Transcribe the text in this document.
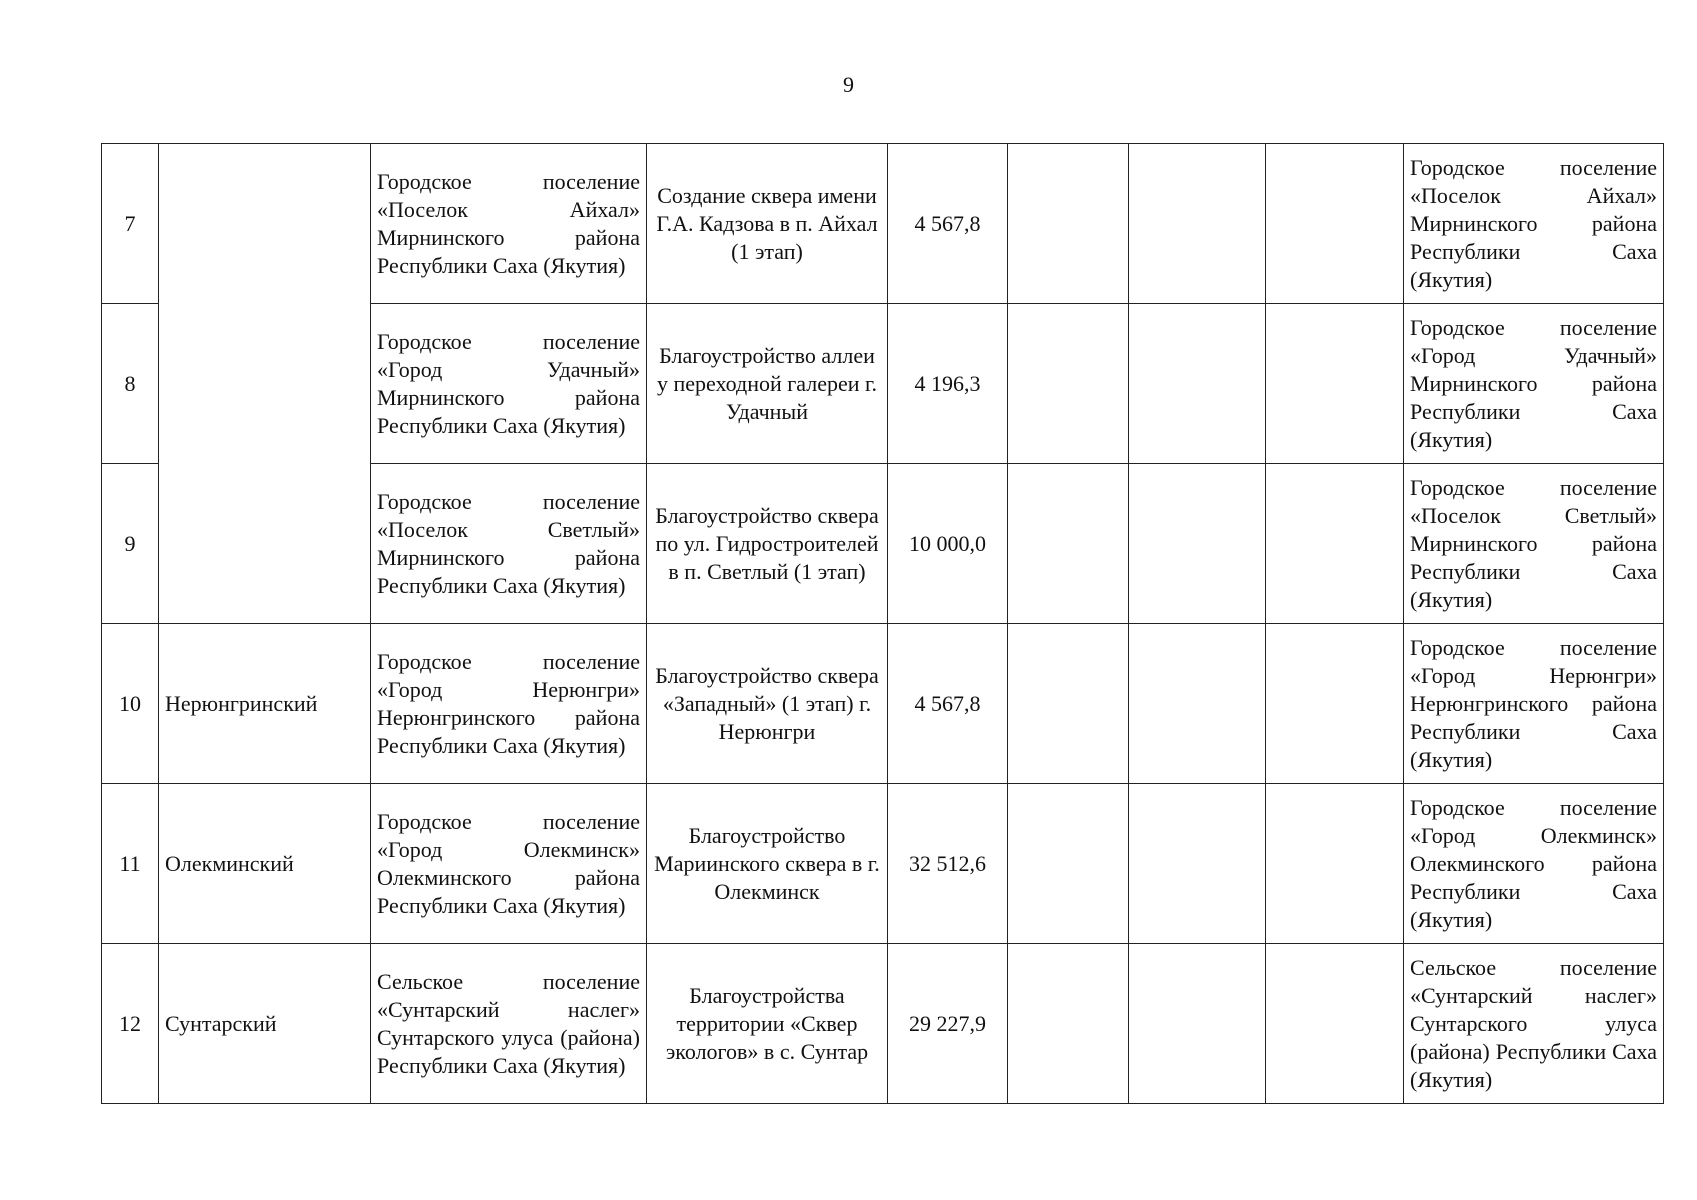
9
7		Городское поселение «Поселок Айхал» Мирнинского района Республики Саха (Якутия)	Создание сквера имени Г.А. Кадзова в п. Айхал (1 этап)	4 567,8				Городское поселение «Поселок Айхал» Мирнинского района Республики Саха (Якутия)
8		Городское поселение «Город Удачный» Мирнинского района Республики Саха (Якутия)	Благоустройство аллеи у переходной галереи г. Удачный	4 196,3				Городское поселение «Город Удачный» Мирнинского района Республики Саха (Якутия)
9		Городское поселение «Поселок Светлый» Мирнинского района Республики Саха (Якутия)	Благоустройство сквера по ул. Гидростроителей в п. Светлый (1 этап)	10 000,0				Городское поселение «Поселок Светлый» Мирнинского района Республики Саха (Якутия)
10	Нерюнгринский	Городское поселение «Город Нерюнгри» Нерюнгринского района Республики Саха (Якутия)	Благоустройство сквера «Западный» (1 этап) г. Нерюнгри	4 567,8				Городское поселение «Город Нерюнгри» Нерюнгринского района Республики Саха (Якутия)
11	Олекминский	Городское поселение «Город Олекминск» Олекминского района Республики Саха (Якутия)	Благоустройство Мариинского сквера в г. Олекминск	32 512,6				Городское поселение «Город Олекминск» Олекминского района Республики Саха (Якутия)
12	Сунтарский	Сельское поселение «Сунтарский наслег» Сунтарского улуса (района) Республики Саха (Якутия)	Благоустройства территории «Сквер экологов» в с. Сунтар	29 227,9				Сельское поселение «Сунтарский наслег» Сунтарского улуса (района) Республики Саха (Якутия)
